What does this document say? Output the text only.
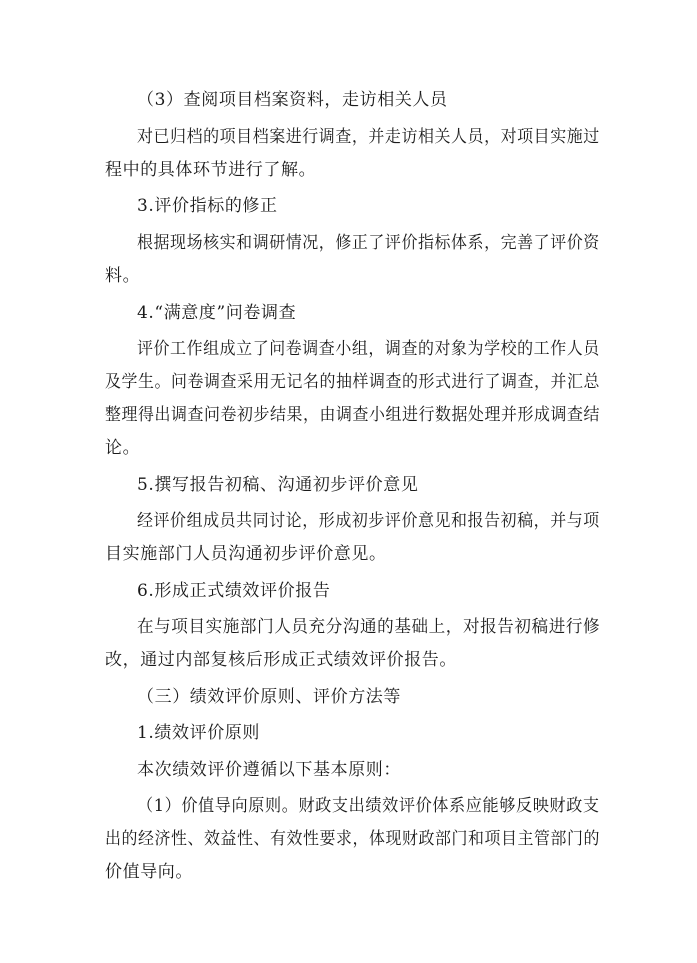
（3）查阅项目档案资料，走访相关人员
对已归档的项目档案进行调查，并走访相关人员，对项目实施过
程中的具体环节进行了解。
3.评价指标的修正
根据现场核实和调研情况，修正了评价指标体系，完善了评价资
料。
4.“满意度”问卷调查
评价工作组成立了问卷调查小组，调查的对象为学校的工作人员
及学生。问卷调查采用无记名的抽样调查的形式进行了调查，并汇总
整理得出调查问卷初步结果，由调查小组进行数据处理并形成调查结
论。
5.撰写报告初稿、沟通初步评价意见
经评价组成员共同讨论，形成初步评价意见和报告初稿，并与项
目实施部门人员沟通初步评价意见。
6.形成正式绩效评价报告
在与项目实施部门人员充分沟通的基础上，对报告初稿进行修
改，通过内部复核后形成正式绩效评价报告。
（三）绩效评价原则、评价方法等
1.绩效评价原则
本次绩效评价遵循以下基本原则：
（1）价值导向原则。财政支出绩效评价体系应能够反映财政支
出的经济性、效益性、有效性要求，体现财政部门和项目主管部门的
价值导向。
